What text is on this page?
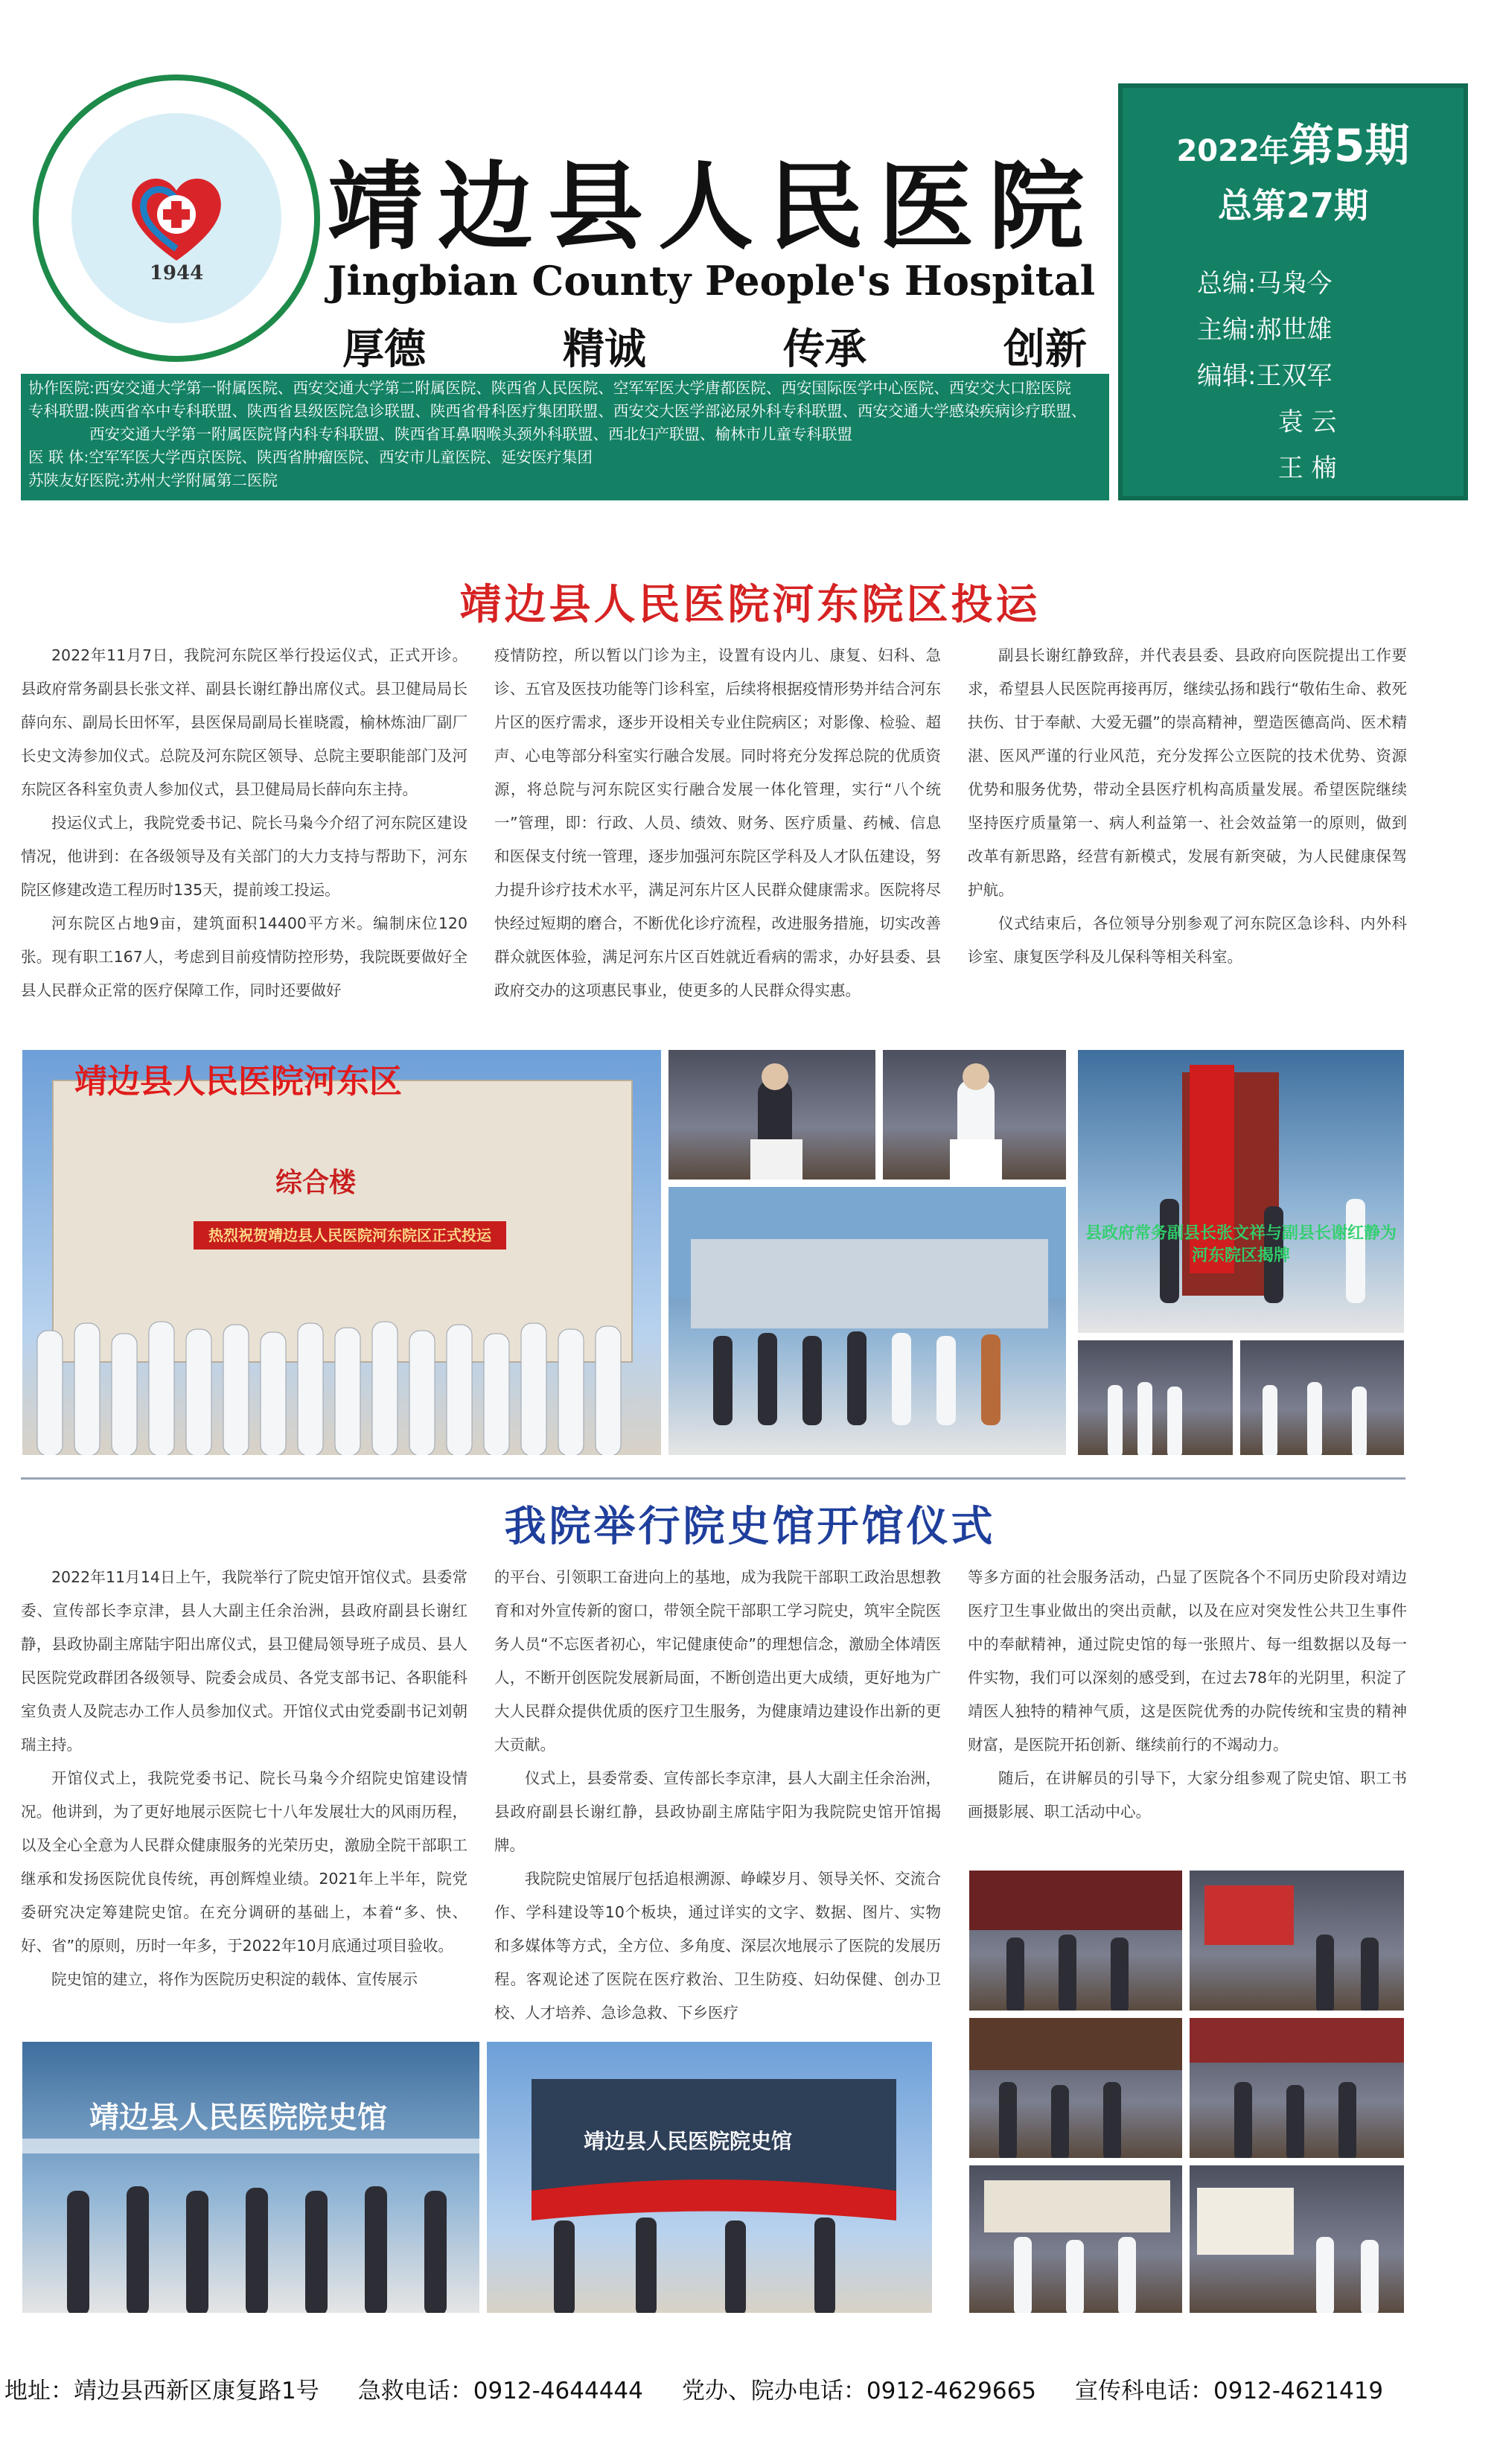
1944
靖边县人民医院
Jingbian County People's Hospital
厚德	精诚	传承	创新
2022年第5期
总第27期
总编:马枭今
主编:郝世雄
编辑:王双军
袁 云
王 楠

协作医院:西安交通大学第一附属医院、西安交通大学第二附属医院、陕西省人民医院、空军军医大学唐都医院、西安国际医学中心医院、西安交大口腔医院

专科联盟:陕西省卒中专科联盟、陕西省县级医院急诊联盟、陕西省骨科医疗集团联盟、西安交大医学部泌尿外科专科联盟、西安交通大学感染疾病诊疗联盟、

　　　　西安交通大学第一附属医院肾内科专科联盟、陕西省耳鼻咽喉头颈外科联盟、西北妇产联盟、榆林市儿童专科联盟

医 联 体:空军军医大学西京医院、陕西省肿瘤医院、西安市儿童医院、延安医疗集团

苏陕友好医院:苏州大学附属第二医院

靖边县人民医院河东院区投运

2022年11月7日，我院河东院区举行投运仪式，正式开诊。县政府常务副县长张文祥、副县长谢红静出席仪式。县卫健局局长薛向东、副局长田怀军，县医保局副局长崔晓霞，榆林炼油厂副厂长史文涛参加仪式。总院及河东院区领导、总院主要职能部门及河东院区各科室负责人参加仪式，县卫健局局长薛向东主持。

投运仪式上，我院党委书记、院长马枭今介绍了河东院区建设情况，他讲到：在各级领导及有关部门的大力支持与帮助下，河东院区修建改造工程历时135天，提前竣工投运。

河东院区占地9亩，建筑面积14400平方米。编制床位120张。现有职工167人，考虑到目前疫情防控形势，我院既要做好全县人民群众正常的医疗保障工作，同时还要做好

疫情防控，所以暂以门诊为主，设置有设内儿、康复、妇科、急诊、五官及医技功能等门诊科室，后续将根据疫情形势并结合河东片区的医疗需求，逐步开设相关专业住院病区；对影像、检验、超声、心电等部分科室实行融合发展。同时将充分发挥总院的优质资源，将总院与河东院区实行融合发展一体化管理，实行“八个统一”管理，即：行政、人员、绩效、财务、医疗质量、药械、信息和医保支付统一管理，逐步加强河东院区学科及人才队伍建设，努力提升诊疗技术水平，满足河东片区人民群众健康需求。医院将尽快经过短期的磨合，不断优化诊疗流程，改进服务措施，切实改善群众就医体验，满足河东片区百姓就近看病的需求，办好县委、县政府交办的这项惠民事业，使更多的人民群众得实惠。

副县长谢红静致辞，并代表县委、县政府向医院提出工作要求，希望县人民医院再接再厉，继续弘扬和践行“敬佑生命、救死扶伤、甘于奉献、大爱无疆”的崇高精神，塑造医德高尚、医术精湛、医风严谨的行业风范，充分发挥公立医院的技术优势、资源优势和服务优势，带动全县医疗机构高质量发展。希望医院继续坚持医疗质量第一、病人利益第一、社会效益第一的原则，做到改革有新思路，经营有新模式，发展有新突破，为人民健康保驾护航。

仪式结束后，各位领导分别参观了河东院区急诊科、内外科诊室、康复医学科及儿保科等相关科室。

靖边县人民医院河东区
综合楼
热烈祝贺靖边县人民医院河东院区正式投运	县政府常务副县长张文祥与副县长谢红静为河东院区揭牌
我院举行院史馆开馆仪式

2022年11月14日上午，我院举行了院史馆开馆仪式。县委常委、宣传部长李京津，县人大副主任余治洲，县政府副县长谢红静，县政协副主席陆宇阳出席仪式，县卫健局领导班子成员、县人民医院党政群团各级领导、院委会成员、各党支部书记、各职能科室负责人及院志办工作人员参加仪式。开馆仪式由党委副书记刘朝瑞主持。

开馆仪式上，我院党委书记、院长马枭今介绍院史馆建设情况。他讲到，为了更好地展示医院七十八年发展壮大的风雨历程，以及全心全意为人民群众健康服务的光荣历史，激励全院干部职工继承和发扬医院优良传统，再创辉煌业绩。2021年上半年，院党委研究决定筹建院史馆。在充分调研的基础上，本着“多、快、好、省”的原则，历时一年多，于2022年10月底通过项目验收。

院史馆的建立，将作为医院历史积淀的载体、宣传展示

的平台、引领职工奋进向上的基地，成为我院干部职工政治思想教育和对外宣传新的窗口，带领全院干部职工学习院史，筑牢全院医务人员“不忘医者初心，牢记健康使命”的理想信念，激励全体靖医人，不断开创医院发展新局面，不断创造出更大成绩，更好地为广大人民群众提供优质的医疗卫生服务，为健康靖边建设作出新的更大贡献。

仪式上，县委常委、宣传部长李京津，县人大副主任余治洲，县政府副县长谢红静，县政协副主席陆宇阳为我院院史馆开馆揭牌。

我院院史馆展厅包括追根溯源、峥嵘岁月、领导关怀、交流合作、学科建设等10个板块，通过详实的文字、数据、图片、实物和多媒体等方式，全方位、多角度、深层次地展示了医院的发展历程。客观论述了医院在医疗救治、卫生防疫、妇幼保健、创办卫校、人才培养、急诊急救、下乡医疗

等多方面的社会服务活动，凸显了医院各个不同历史阶段对靖边医疗卫生事业做出的突出贡献，以及在应对突发性公共卫生事件中的奉献精神，通过院史馆的每一张照片、每一组数据以及每一件实物，我们可以深刻的感受到，在过去78年的光阴里，积淀了靖医人独特的精神气质，这是医院优秀的办院传统和宝贵的精神财富，是医院开拓创新、继续前行的不竭动力。

随后，在讲解员的引导下，大家分组参观了院史馆、职工书画摄影展、职工活动中心。

靖边县人民医院院史馆
靖边县人民医院院史馆
地址：靖边县西新区康复路1号 急救电话：0912-4644444 党办、院办电话：0912-4629665 宣传科电话：0912-4621419
